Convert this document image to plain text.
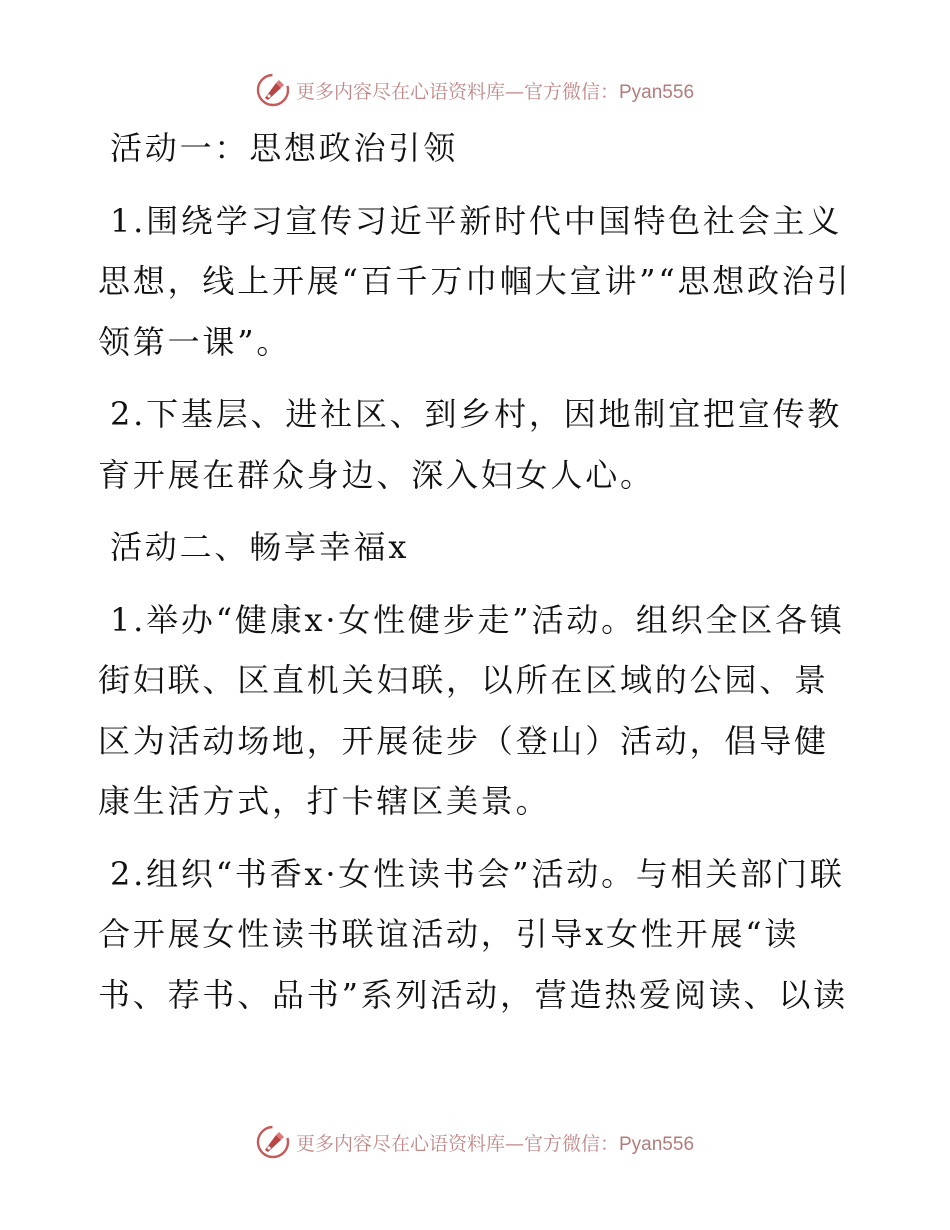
更多内容尽在心语资料库—官方微信：Pyan556

活动一：思想政治引领

1.围绕学习宣传习近平新时代中国特色社会主义思想，线上开展“百千万巾帼大宣讲”“思想政治引领第一课”。

2.下基层、进社区、到乡村，因地制宜把宣传教育开展在群众身边、深入妇女人心。

活动二、畅享幸福x

1.举办“健康x·女性健步走”活动。组织全区各镇街妇联、区直机关妇联，以所在区域的公园、景区为活动场地，开展徒步（登山）活动，倡导健康生活方式，打卡辖区美景。

2.组织“书香x·女性读书会”活动。与相关部门联合开展女性读书联谊活动，引导x女性开展“读书、荐书、品书”系列活动，营造热爱阅读、以读

更多内容尽在心语资料库—官方微信：Pyan556
